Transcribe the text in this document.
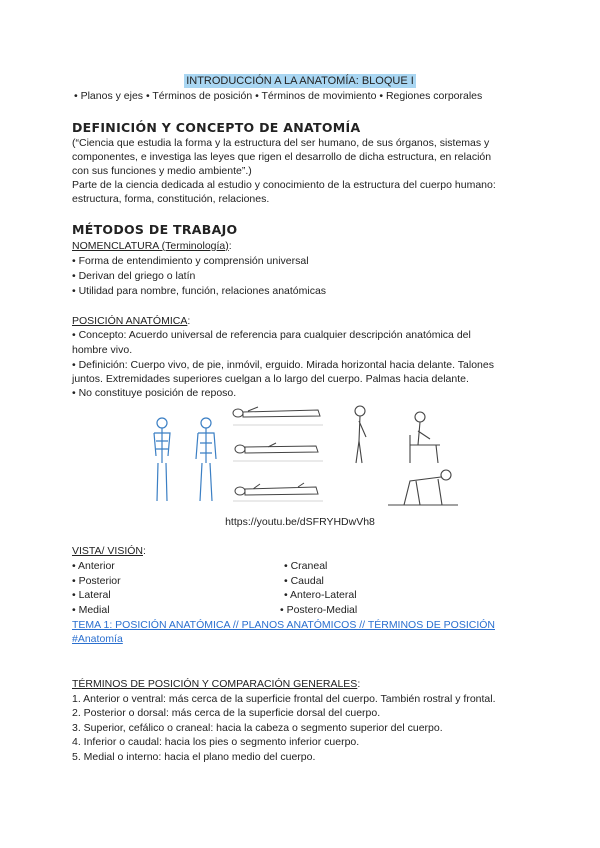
INTRODUCCIÓN A LA ANATOMÍA: BLOQUE I
• Planos y ejes • Términos de posición • Términos de movimiento • Regiones corporales
DEFINICIÓN Y CONCEPTO DE ANATOMÍA
(“Ciencia que estudia la forma y la estructura del ser humano, de sus órganos, sistemas y
componentes, e investiga las leyes que rigen el desarrollo de dicha estructura, en relación
con sus funciones y medio ambiente”.)
Parte de la ciencia dedicada al estudio y conocimiento de la estructura del cuerpo humano:
estructura, forma, constitución, relaciones.
MÉTODOS DE TRABAJO
NOMENCLATURA (Terminología):
• Forma de entendimiento y comprensión universal
• Derivan del griego o latín
• Utilidad para nombre, función, relaciones anatómicas
POSICIÓN ANATÓMICA:
• Concepto: Acuerdo universal de referencia para cualquier descripción anatómica del
hombre vivo.
• Definición: Cuerpo vivo, de pie, inmóvil, erguido. Mirada horizontal hacia delante. Talones
juntos. Extremidades superiores cuelgan a lo largo del cuerpo. Palmas hacia delante.
• No constituye posición de reposo.
https://youtu.be/dSFRYHDwVh8
VISTA/ VISIÓN:
• Anterior
• Posterior
• Lateral
• Medial
• Craneal
• Caudal
• Antero-Lateral
• Postero-Medial
TEMA 1: POSICIÓN ANATÓMICA // PLANOS ANATÓMICOS // TÉRMINOS DE POSICIÓN
#Anatomía
TÉRMINOS DE POSICIÓN Y COMPARACIÓN GENERALES:
1. Anterior o ventral: más cerca de la superficie frontal del cuerpo. También rostral y frontal.
2. Posterior o dorsal: más cerca de la superficie dorsal del cuerpo.
3. Superior, cefálico o craneal: hacia la cabeza o segmento superior del cuerpo.
4. Inferior o caudal: hacia los pies o segmento inferior cuerpo.
5. Medial o interno: hacia el plano medio del cuerpo.
